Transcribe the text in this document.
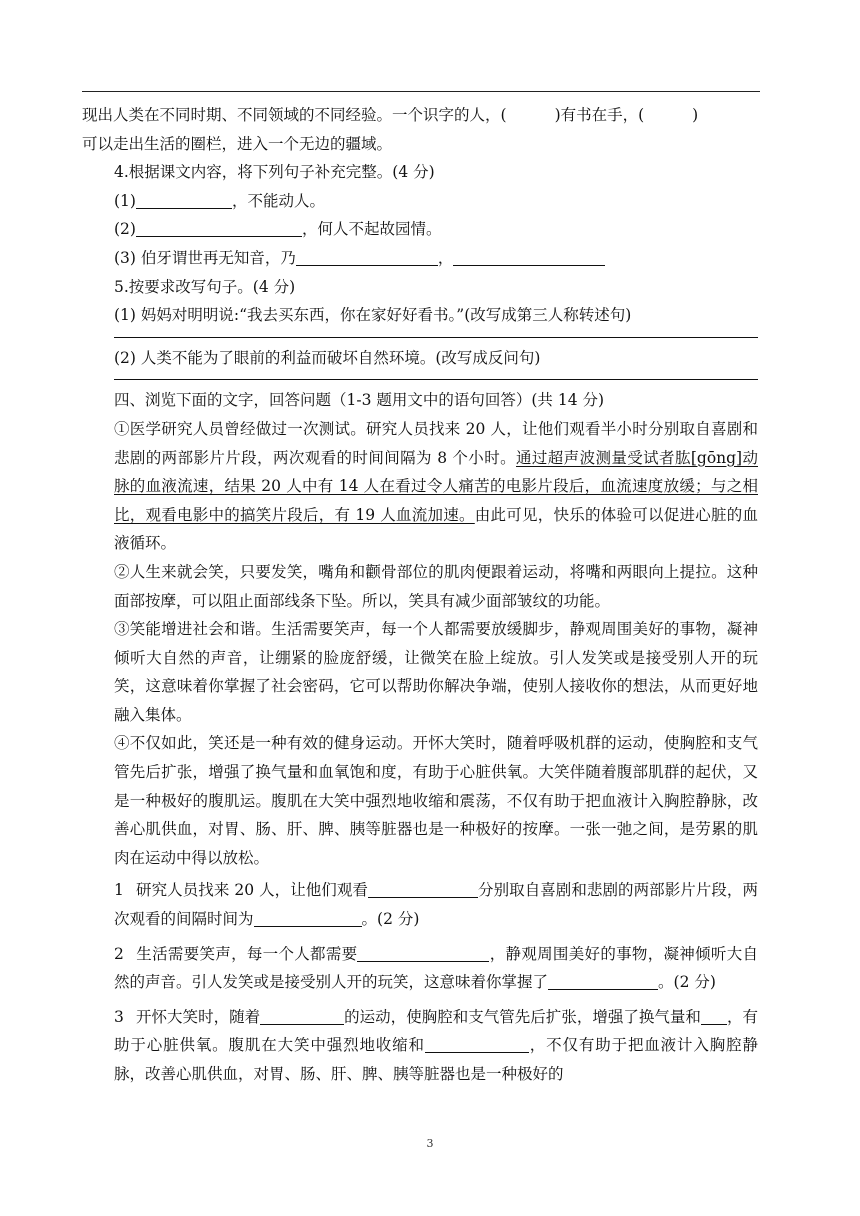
现出人类在不同时期、不同领域的不同经验。一个识字的人，(	)有书在手，(	)

可以走出生活的圈栏，进入一个无边的疆域。

4.根据课文内容，将下列句子补充完整。(4 分)

(1)	，不能动人。

(2)	，何人不起故园情。

(3) 伯牙谓世再无知音，乃	，

5.按要求改写句子。(4 分)

(1) 妈妈对明明说:“我去买东西，你在家好好看书。”(改写成第三人称转述句)

(2) 人类不能为了眼前的利益而破坏自然环境。(改写成反问句)

四、浏览下面的文字，回答问题（1-3 题用文中的语句回答）(共 14 分)

①医学研究人员曾经做过一次测试。研究人员找来 20 人，让他们观看半小时分别取自喜剧和悲剧的两部影片片段，两次观看的时间间隔为 8 个小时。通过超声波测量受试者肱[gōng]动脉的血液流速，结果 20 人中有 14 人在看过令人痛苦的电影片段后，血流速度放缓；与之相比，观看电影中的搞笑片段后，有 19 人血流加速。由此可见，快乐的体验可以促进心脏的血液循环。

②人生来就会笑，只要发笑，嘴角和颧骨部位的肌肉便跟着运动，将嘴和两眼向上提拉。这种面部按摩，可以阻止面部线条下坠。所以，笑具有减少面部皱纹的功能。

③笑能增进社会和谐。生活需要笑声，每一个人都需要放缓脚步，静观周围美好的事物，凝神倾听大自然的声音，让绷紧的脸庞舒缓，让微笑在脸上绽放。引人发笑或是接受别人开的玩笑，这意味着你掌握了社会密码，它可以帮助你解决争端，使别人接收你的想法，从而更好地融入集体。

④不仅如此，笑还是一种有效的健身运动。开怀大笑时，随着呼吸机群的运动，使胸腔和支气管先后扩张，增强了换气量和血氧饱和度，有助于心脏供氧。大笑伴随着腹部肌群的起伏，又是一种极好的腹肌运。腹肌在大笑中强烈地收缩和震荡，不仅有助于把血液计入胸腔静脉，改善心肌供血，对胃、肠、肝、脾、胰等脏器也是一种极好的按摩。一张一弛之间，是劳累的肌肉在运动中得以放松。

1 研究人员找来 20 人，让他们观看	分别取自喜剧和悲剧的两部影片片段，两次观看的间隔时间为	。(2 分)

2 生活需要笑声，每一个人都需要	，静观周围美好的事物，凝神倾听大自然的声音。引人发笑或是接受别人开的玩笑，这意味着你掌握了	。(2 分)

3 开怀大笑时，随着	的运动，使胸腔和支气管先后扩张，增强了换气量和 ，有助于心脏供氧。腹肌在大笑中强烈地收缩和	，不仅有助于把血液计入胸腔静脉，改善心肌供血，对胃、肠、肝、脾、胰等脏器也是一种极好的

3
